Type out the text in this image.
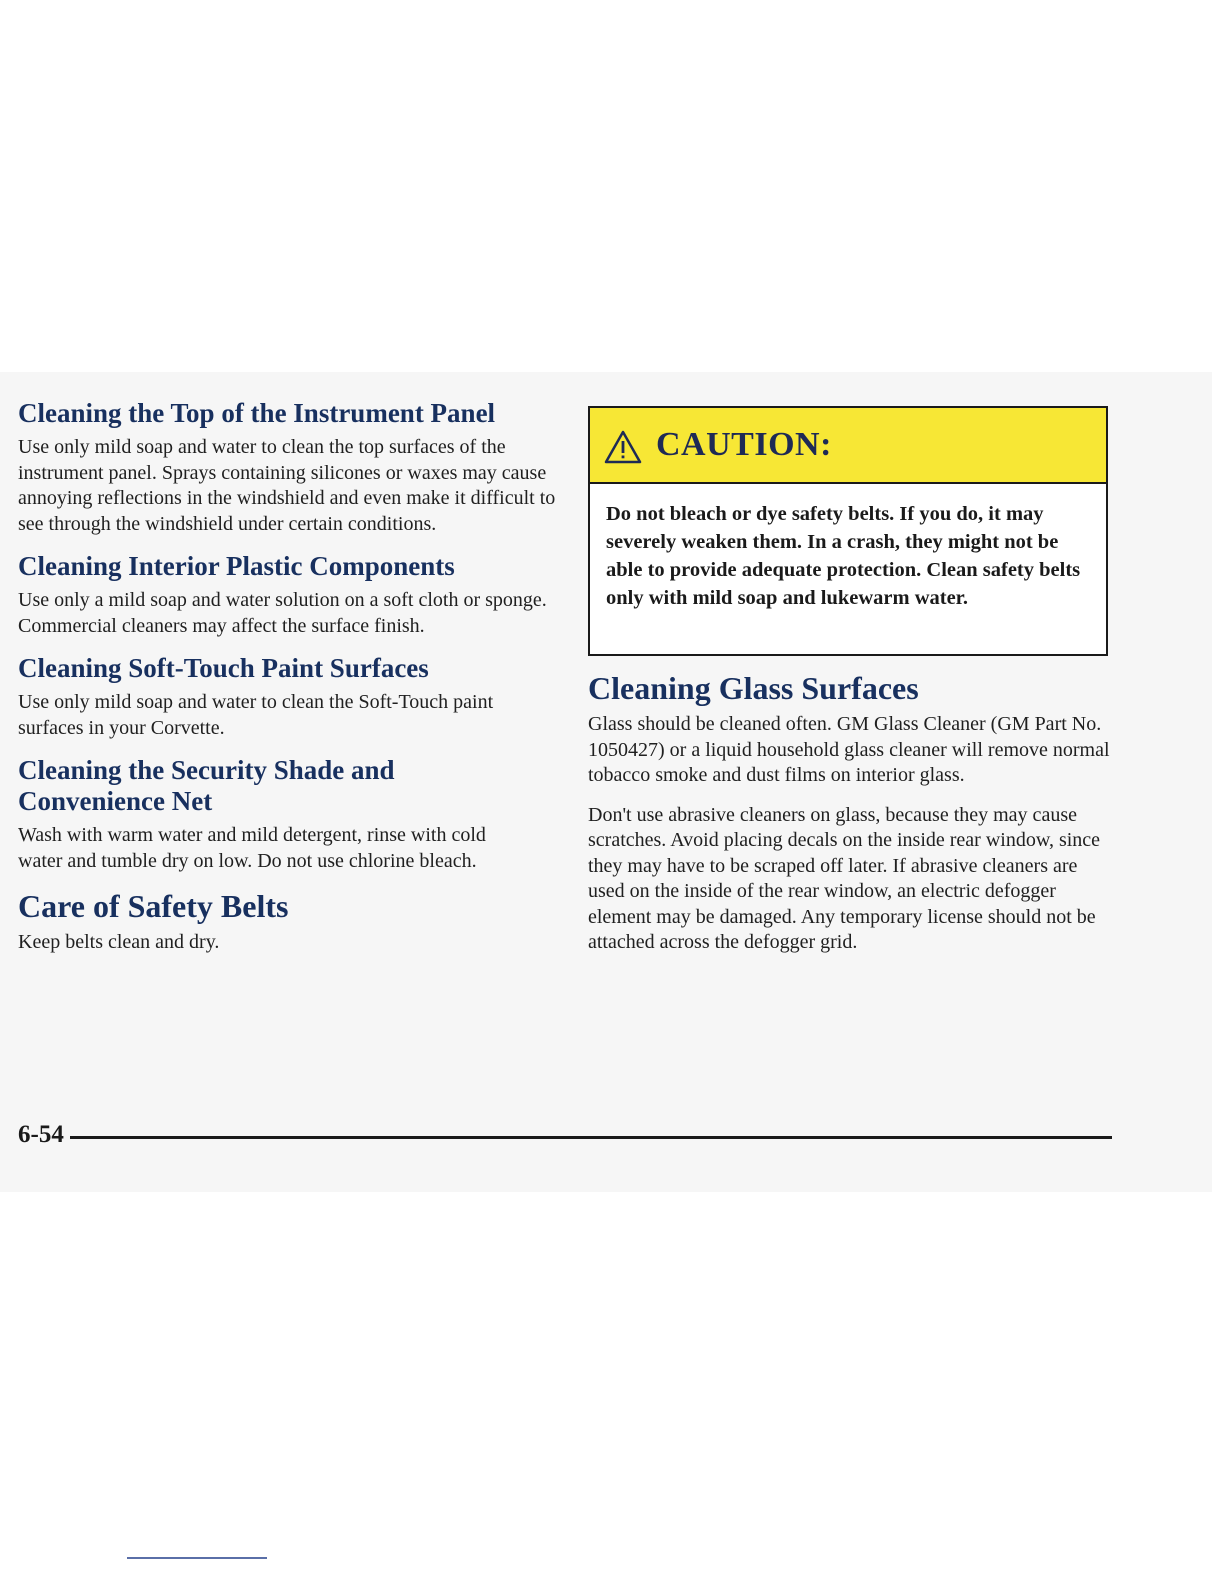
Cleaning the Top of the Instrument Panel
Use only mild soap and water to clean the top surfaces of the instrument panel. Sprays containing silicones or waxes may cause annoying reflections in the windshield and even make it difficult to see through the windshield under certain conditions.
Cleaning Interior Plastic Components
Use only a mild soap and water solution on a soft cloth or sponge. Commercial cleaners may affect the surface finish.
Cleaning Soft-Touch Paint Surfaces
Use only mild soap and water to clean the Soft-Touch paint surfaces in your Corvette.
Cleaning the Security Shade and Convenience Net
Wash with warm water and mild detergent, rinse with cold water and tumble dry on low. Do not use chlorine bleach.
Care of Safety Belts
Keep belts clean and dry.
CAUTION:
Do not bleach or dye safety belts. If you do, it may severely weaken them. In a crash, they might not be able to provide adequate protection. Clean safety belts only with mild soap and lukewarm water.
Cleaning Glass Surfaces
Glass should be cleaned often. GM Glass Cleaner (GM Part No. 1050427) or a liquid household glass cleaner will remove normal tobacco smoke and dust films on interior glass.
Don't use abrasive cleaners on glass, because they may cause scratches. Avoid placing decals on the inside rear window, since they may have to be scraped off later. If abrasive cleaners are used on the inside of the rear window, an electric defogger element may be damaged. Any temporary license should not be attached across the defogger grid.
6-54
